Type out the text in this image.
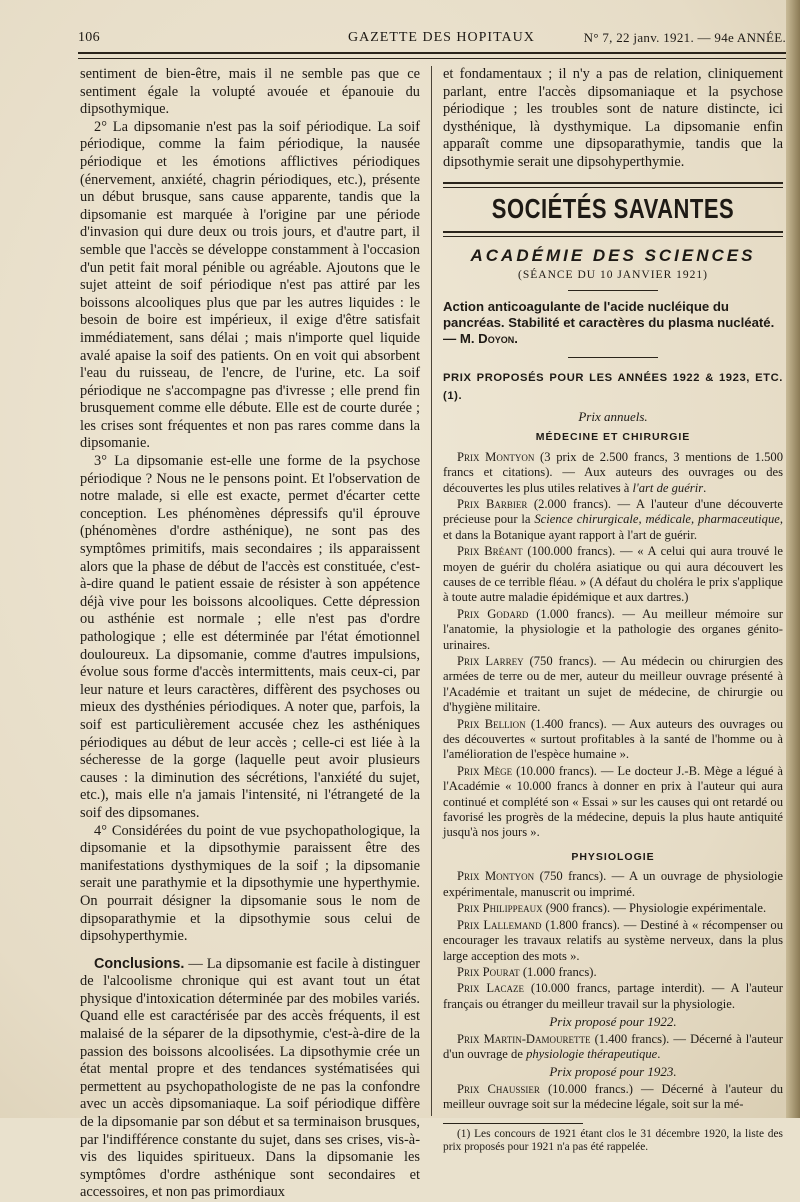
106	GAZETTE DES HOPITAUX	N° 7, 22 janv. 1921. — 94e ANNÉE.

sentiment de bien-être, mais il ne semble pas que ce sentiment égale la volupté avouée et épanouie du dipsothymique.

2° La dipsomanie n'est pas la soif périodique. La soif périodique, comme la faim périodique, la nausée périodique et les émotions afflictives périodiques (énervement, anxiété, chagrin périodiques, etc.), présente un début brusque, sans cause apparente, tandis que la dipsomanie est marquée à l'origine par une période d'invasion qui dure deux ou trois jours, et d'autre part, il semble que l'accès se développe constamment à l'occasion d'un petit fait moral pénible ou agréable. Ajoutons que le sujet atteint de soif périodique n'est pas attiré par les boissons alcooliques plus que par les autres liquides : le besoin de boire est impérieux, il exige d'être satisfait immédiatement, sans délai ; mais n'importe quel liquide avalé apaise la soif des patients. On en voit qui absorbent l'eau du ruisseau, de l'encre, de l'urine, etc. La soif périodique ne s'accompagne pas d'ivresse ; elle prend fin brusquement comme elle débute. Elle est de courte durée ; les crises sont fréquentes et non pas rares comme dans la dipsomanie.

3° La dipsomanie est-elle une forme de la psychose périodique ? Nous ne le pensons point. Et l'observation de notre malade, si elle est exacte, permet d'écarter cette conception. Les phénomènes dépressifs qu'il éprouve (phénomènes d'ordre asthénique), ne sont pas des symptômes primitifs, mais secondaires ; ils apparaissent alors que la phase de début de l'accès est constituée, c'est-à-dire quand le patient essaie de résister à son appétence déjà vive pour les boissons alcooliques. Cette dépression ou asthénie est normale ; elle n'est pas d'ordre pathologique ; elle est déterminée par l'état émotionnel douloureux. La dipsomanie, comme d'autres impulsions, évolue sous forme d'accès intermittents, mais ceux-ci, par leur nature et leurs caractères, diffèrent des psychoses ou mieux des dysthénies périodiques. A noter que, parfois, la soif est particulièrement accusée chez les asthéniques périodiques au début de leur accès ; celle-ci est liée à la sécheresse de la gorge (laquelle peut avoir plusieurs causes : la diminution des sécrétions, l'anxiété du sujet, etc.), mais elle n'a jamais l'intensité, ni l'étrangeté de la soif des dipsomanes.

4° Considérées du point de vue psychopathologique, la dipsomanie et la dipsothymie paraissent être des manifestations dysthymiques de la soif ; la dipsomanie serait une parathymie et la dipsothymie une hyperthymie. On pourrait désigner la dipsomanie sous le nom de dipsoparathymie et la dipsothymie sous celui de dipsohyperthymie.

Conclusions. — La dipsomanie est facile à distinguer de l'alcoolisme chronique qui est avant tout un état physique d'intoxication déterminée par des mobiles variés. Quand elle est caractérisée par des accès fréquents, il est malaisé de la séparer de la dipsothymie, c'est-à-dire de la passion des boissons alcoolisées. La dipsothymie crée un état mental propre et des tendances systématisées qui permettent au psychopathologiste de ne pas la confondre avec un accès dipsomaniaque. La soif périodique diffère de la dipsomanie par son début et sa terminaison brusques, par l'indifférence constante du sujet, dans ses crises, vis-à-vis des liquides spiritueux. Dans la dipsomanie les symptômes d'ordre asthénique sont secondaires et accessoires, et non pas primordiaux

et fondamentaux ; il n'y a pas de relation, cliniquement parlant, entre l'accès dipsomaniaque et la psychose périodique ; les troubles sont de nature distincte, ici dysthénique, là dysthymique. La dipsomanie enfin apparaît comme une dipsoparathymie, tandis que la dipsothymie serait une dipsohyperthymie.

SOCIÉTÉS SAVANTES
ACADÉMIE DES SCIENCES
(SÉANCE DU 10 JANVIER 1921)
Action anticoagulante de l'acide nucléique du pancréas. Stabilité et caractères du plasma nucléaté. — M. Doyon.
PRIX PROPOSÉS POUR LES ANNÉES 1922 & 1923, ETC. (1).
Prix annuels.
MÉDECINE ET CHIRURGIE

Prix Montyon (3 prix de 2.500 francs, 3 mentions de 1.500 francs et citations). — Aux auteurs des ouvrages ou des découvertes les plus utiles relatives à l'art de guérir.

Prix Barbier (2.000 francs). — A l'auteur d'une découverte précieuse pour la Science chirurgicale, médicale, pharmaceutique, et dans la Botanique ayant rapport à l'art de guérir.

Prix Bréant (100.000 francs). — « A celui qui aura trouvé le moyen de guérir du choléra asiatique ou qui aura découvert les causes de ce terrible fléau. » (A défaut du choléra le prix s'applique à toute autre maladie épidémique et aux dartres.)

Prix Godard (1.000 francs). — Au meilleur mémoire sur l'anatomie, la physiologie et la pathologie des organes génito-urinaires.

Prix Larrey (750 francs). — Au médecin ou chirurgien des armées de terre ou de mer, auteur du meilleur ouvrage présenté à l'Académie et traitant un sujet de médecine, de chirurgie ou d'hygiène militaire.

Prix Bellion (1.400 francs). — Aux auteurs des ouvrages ou des découvertes « surtout profitables à la santé de l'homme ou à l'amélioration de l'espèce humaine ».

Prix Mège (10.000 francs). — Le docteur J.-B. Mège a légué à l'Académie « 10.000 francs à donner en prix à l'auteur qui aura continué et complété son « Essai » sur les causes qui ont retardé ou favorisé les progrès de la médecine, depuis la plus haute antiquité jusqu'à nos jours ».

PHYSIOLOGIE

Prix Montyon (750 francs). — A un ouvrage de physiologie expérimentale, manuscrit ou imprimé.

Prix Philippeaux (900 francs). — Physiologie expérimentale.

Prix Lallemand (1.800 francs). — Destiné à « récompenser ou encourager les travaux relatifs au système nerveux, dans la plus large acception des mots ».

Prix Pourat (1.000 francs).

Prix Lacaze (10.000 francs, partage interdit). — A l'auteur français ou étranger du meilleur travail sur la physiologie.

Prix proposé pour 1922.

Prix Martin-Damourette (1.400 francs). — Décerné à l'auteur d'un ouvrage de physiologie thérapeutique.

Prix proposé pour 1923.

Prix Chaussier (10.000 francs.) — Décerné à l'auteur du meilleur ouvrage soit sur la médecine légale, soit sur la mé-

(1) Les concours de 1921 étant clos le 31 décembre 1920, la liste des prix proposés pour 1921 n'a pas été rappelée.
